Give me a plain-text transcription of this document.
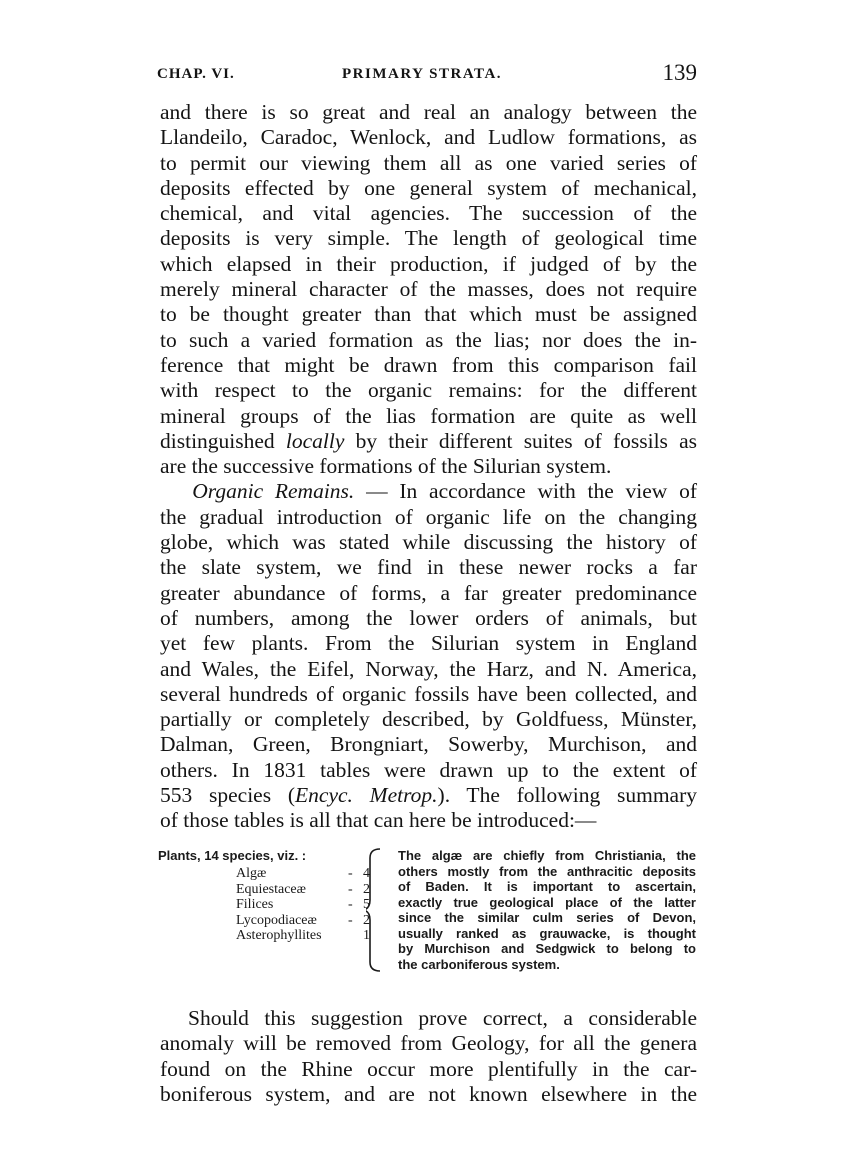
CHAP. VI.	PRIMARY STRATA.	139
and there is so great and real an analogy between the
Llandeilo, Caradoc, Wenlock, and Ludlow formations, as
to permit our viewing them all as one varied series of
deposits effected by one general system of mechanical,
chemical, and vital agencies. The succession of the
deposits is very simple. The length of geological time
which elapsed in their production, if judged of by the
merely mineral character of the masses, does not require
to be thought greater than that which must be assigned
to such a varied formation as the lias; nor does the in-
ference that might be drawn from this comparison fail
with respect to the organic remains: for the different
mineral groups of the lias formation are quite as well
distinguished locally by their different suites of fossils as
are the successive formations of the Silurian system.
  Organic Remains. — In accordance with the view of
the gradual introduction of organic life on the changing
globe, which was stated while discussing the history of
the slate system, we find in these newer rocks a far
greater abundance of forms, a far greater predominance
of numbers, among the lower orders of animals, but
yet few plants. From the Silurian system in England
and Wales, the Eifel, Norway, the Harz, and N. America,
several hundreds of organic fossils have been collected, and
partially or completely described, by Goldfuess, Münster,
Dalman, Green, Brongniart, Sowerby, Murchison, and
others. In 1831 tables were drawn up to the extent of
553 species (Encyc. Metrop.). The following summary
of those tables is all that can here be introduced:—
Plants, 14 species, viz. :
Algæ	- 4
Equiestaceæ	- 2
Filices	- 5
Lycopodiaceæ - 2
Asterophyllites	1
The algæ are chiefly from Christiania, the
others mostly from the anthracitic deposits
of Baden. It is important to ascertain,
exactly true geological place of the latter
since the similar culm series of Devon,
usually ranked as grauwacke, is thought
by Murchison and Sedgwick to belong to
the carboniferous system.
Should this suggestion prove correct, a considerable
anomaly will be removed from Geology, for all the genera
found on the Rhine occur more plentifully in the car-
boniferous system, and are not known elsewhere in the
